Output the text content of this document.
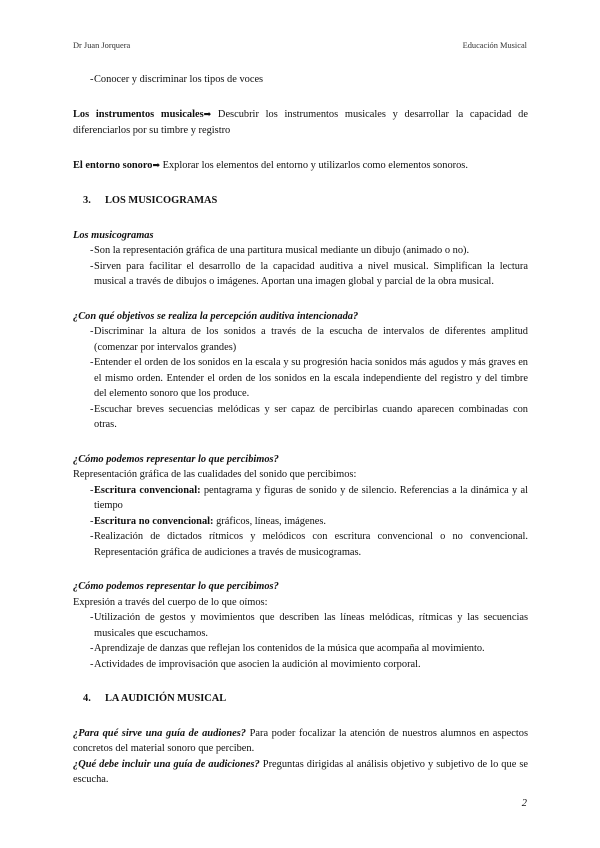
Dr Juan Jorquera	Educación Musical
- Conocer y discriminar los tipos de voces

Los instrumentos musicales➡ Descubrir los instrumentos musicales y desarrollar la capacidad de diferenciarlos por su timbre y registro

El entorno sonoro➡ Explorar los elementos del entorno y utilizarlos como elementos sonoros.

3. LOS MUSICOGRAMAS

Los musicogramas

- Son la representación gráfica de una partitura musical mediante un dibujo (animado o no).
- Sirven para facilitar el desarrollo de la capacidad auditiva a nivel musical. Simplifican la lectura musical a través de dibujos o imágenes. Aportan una imagen global y parcial de la obra musical.

¿Con qué objetivos se realiza la percepción auditiva intencionada?

- Discriminar la altura de los sonidos a través de la escucha de intervalos de diferentes amplitud (comenzar por intervalos grandes)
- Entender el orden de los sonidos en la escala y su progresión hacia sonidos más agudos y más graves en el mismo orden. Entender el orden de los sonidos en la escala independiente del registro y del timbre del elemento sonoro que los produce.
- Escuchar breves secuencias melódicas y ser capaz de percibirlas cuando aparecen combinadas con otras.

¿Cómo podemos representar lo que percibimos?

Representación gráfica de las cualidades del sonido que percibimos:

- Escritura convencional: pentagrama y figuras de sonido y de silencio. Referencias a la dinámica y al tiempo
- Escritura no convencional: gráficos, líneas, imágenes.
- Realización de dictados rítmicos y melódicos con escritura convencional o no convencional. Representación gráfica de audiciones a través de musicogramas.

¿Cómo podemos representar lo que percibimos?

Expresión a través del cuerpo de lo que oímos:

- Utilización de gestos y movimientos que describen las líneas melódicas, rítmicas y las secuencias musicales que escuchamos.
- Aprendizaje de danzas que reflejan los contenidos de la música que acompaña al movimiento.
- Actividades de improvisación que asocien la audición al movimiento corporal.

4. LA AUDICIÓN MUSICAL

¿Para qué sirve una guía de audiones? Para poder focalizar la atención de nuestros alumnos en aspectos concretos del material sonoro que perciben.

¿Qué debe incluir una guía de audiciones? Preguntas dirigidas al análisis objetivo y subjetivo de lo que se escucha.

2
